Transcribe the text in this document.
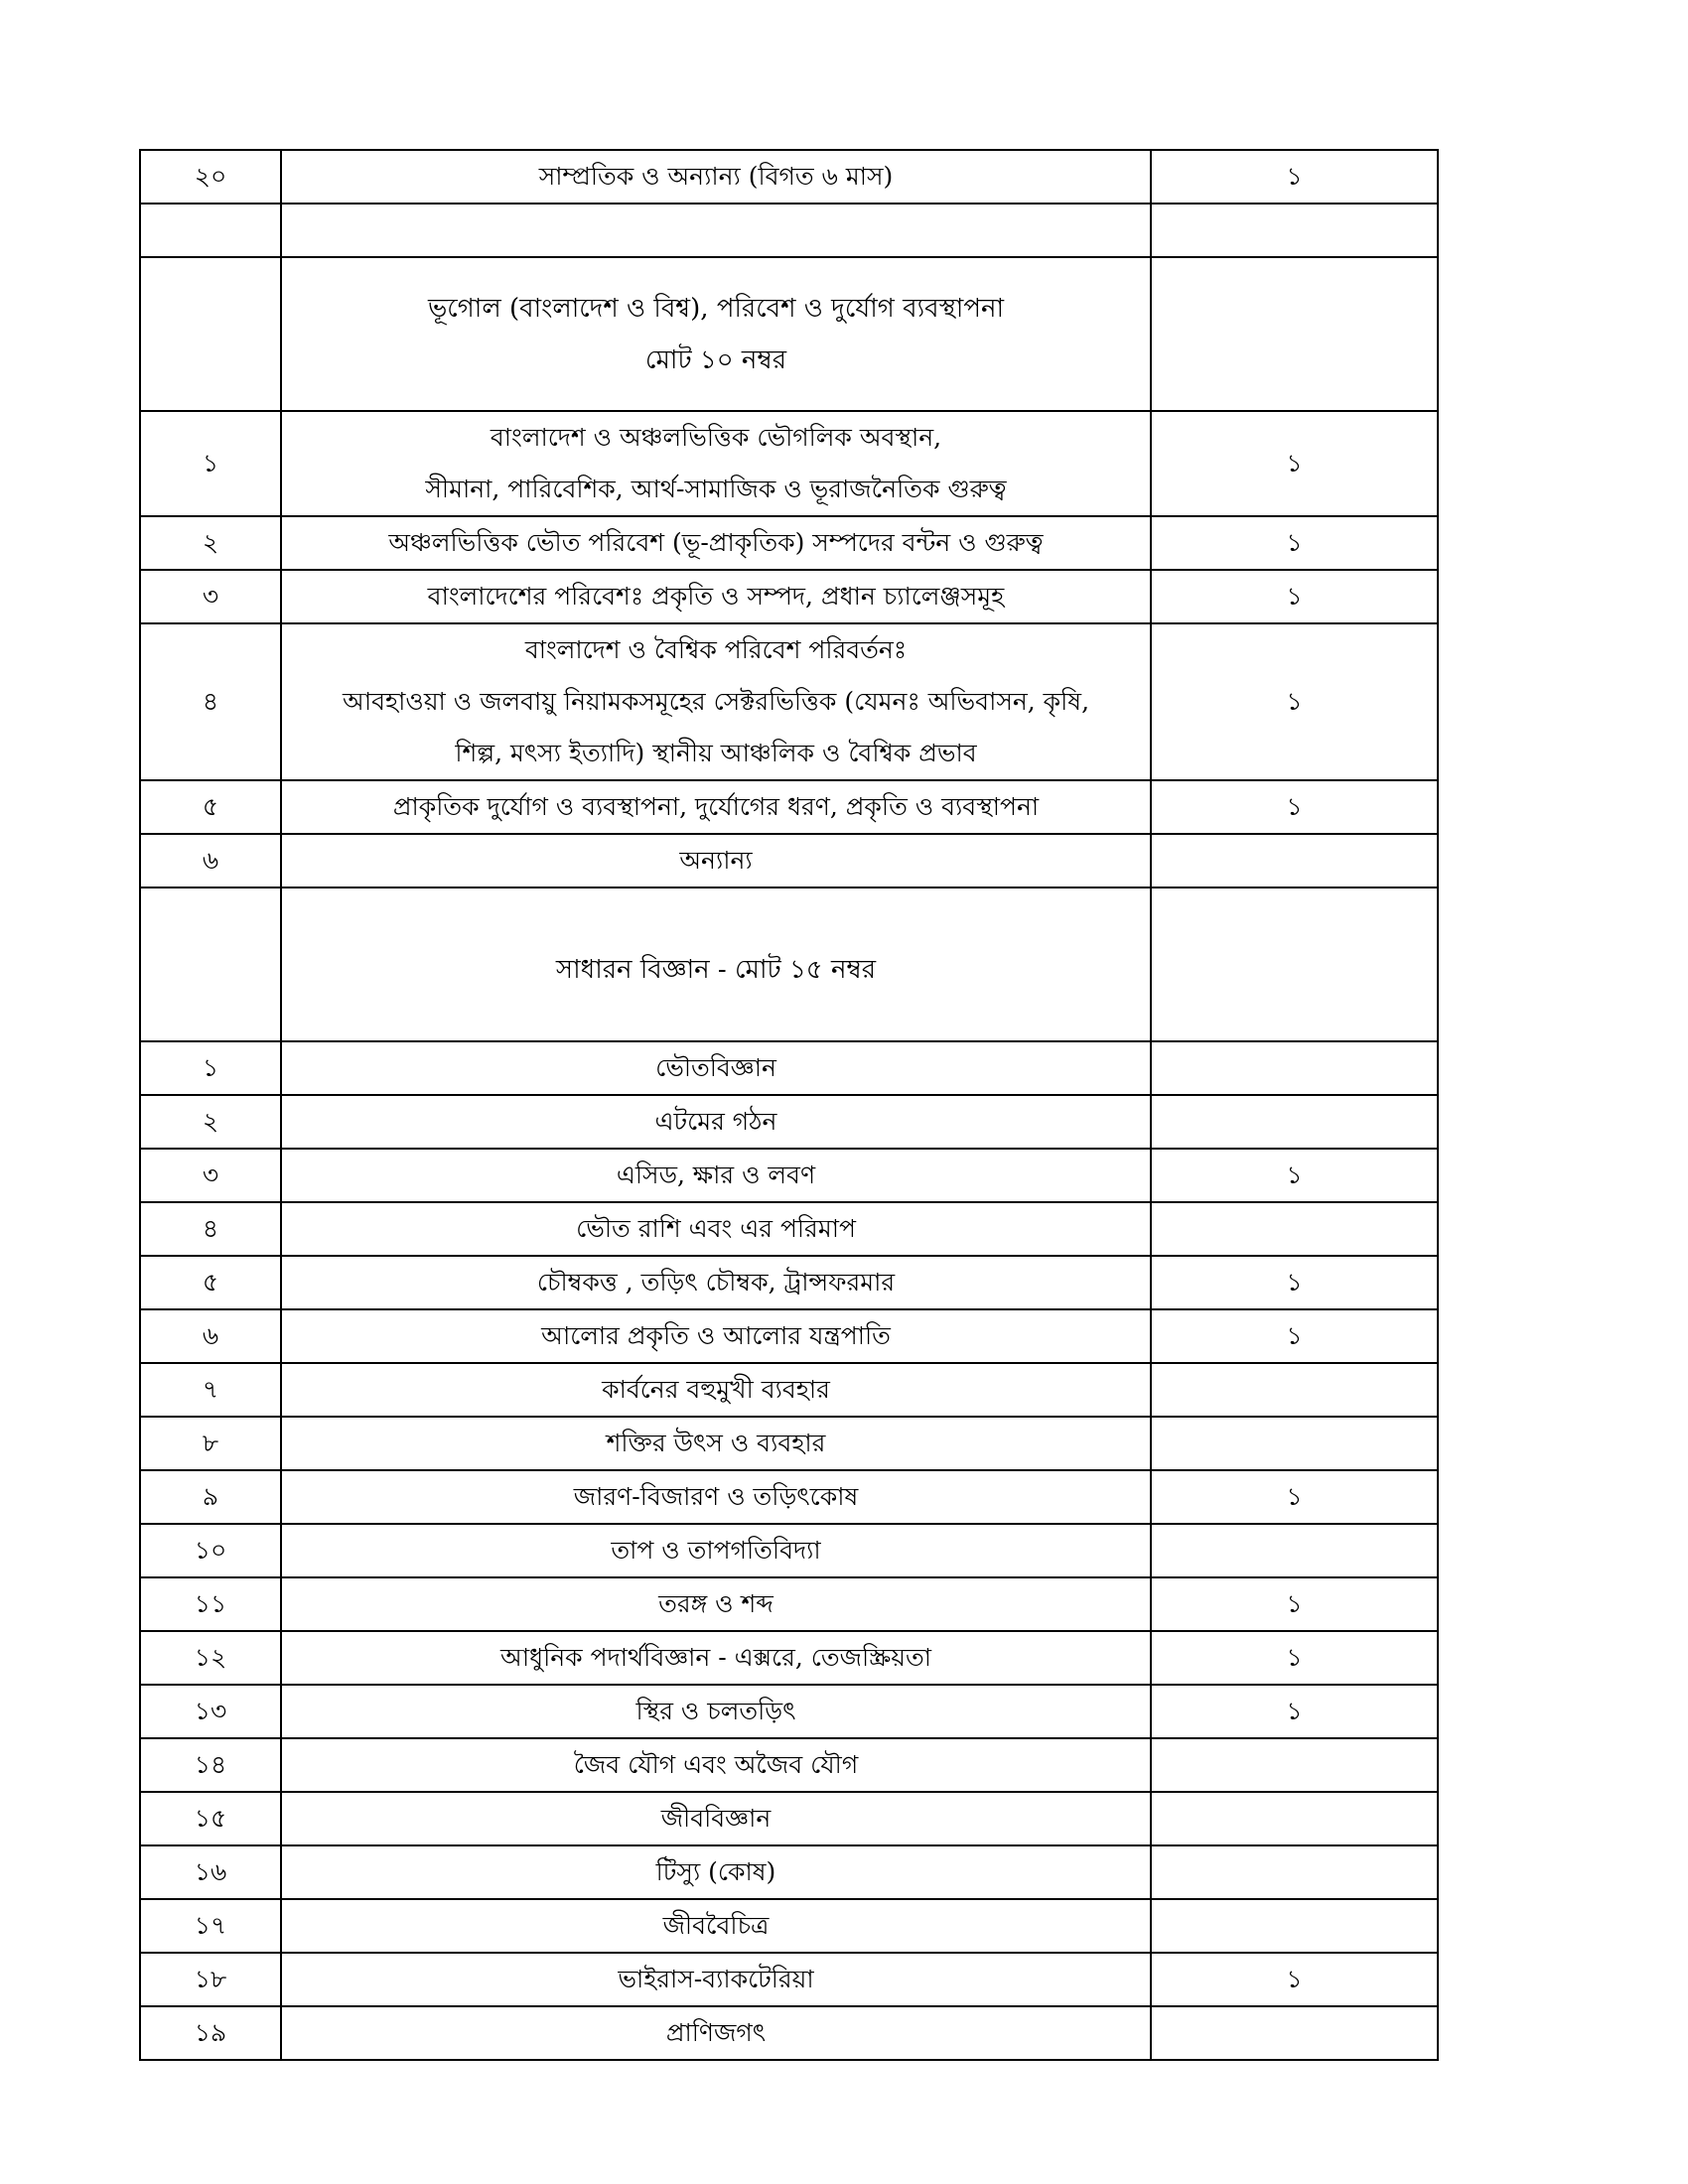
২০	সাম্প্রতিক ও অন্যান্য (বিগত ৬ মাস)	১

	ভূগোল (বাংলাদেশ ও বিশ্ব), পরিবেশ ও দুর্যোগ ব্যবস্থাপনা
মোট ১০ নম্বর	

১	বাংলাদেশ ও অঞ্চলভিত্তিক ভৌগলিক অবস্থান,
সীমানা, পারিবেশিক, আর্থ-সামাজিক ও ভূরাজনৈতিক গুরুত্ব	১
২	অঞ্চলভিত্তিক ভৌত পরিবেশ (ভূ-প্রাকৃতিক) সম্পদের বন্টন ও গুরুত্ব	১
৩	বাংলাদেশের পরিবেশঃ প্রকৃতি ও সম্পদ, প্রধান চ্যালেঞ্জসমূহ	১
৪	বাংলাদেশ ও বৈশ্বিক পরিবেশ পরিবর্তনঃ
আবহাওয়া ও জলবায়ু নিয়ামকসমূহের সেক্টরভিত্তিক (যেমনঃ অভিবাসন, কৃষি,
শিল্প, মৎস্য ইত্যাদি) স্থানীয় আঞ্চলিক ও বৈশ্বিক প্রভাব	১
৫	প্রাকৃতিক দুর্যোগ ও ব্যবস্থাপনা, দুর্যোগের ধরণ, প্রকৃতি ও ব্যবস্থাপনা	১
৬	অন্যান্য	

	সাধারন বিজ্ঞান - মোট ১৫ নম্বর	

১	ভৌতবিজ্ঞান	

২	এটমের গঠন	

৩	এসিড, ক্ষার ও লবণ	১
৪	ভৌত রাশি এবং এর পরিমাপ	

৫	চৌম্বকত্ত , তড়িৎ চৌম্বক, ট্রান্সফরমার	১
৬	আলোর প্রকৃতি ও আলোর যন্ত্রপাতি	১
৭	কার্বনের বহুমুখী ব্যবহার	

৮	শক্তির উৎস ও ব্যবহার	

৯	জারণ-বিজারণ ও তড়িৎকোষ	১
১০	তাপ ও তাপগতিবিদ্যা	

১১	তরঙ্গ ও শব্দ	১
১২	আধুনিক পদার্থবিজ্ঞান - এক্সরে, তেজস্ক্রিয়তা	১
১৩	স্থির ও চলতড়িৎ	১
১৪	জৈব যৌগ এবং অজৈব যৌগ	

১৫	জীববিজ্ঞান	

১৬	টিস্যু (কোষ)	

১৭	জীববৈচিত্র	

১৮	ভাইরাস-ব্যাকটেরিয়া	১
১৯	প্রাণিজগৎ	
